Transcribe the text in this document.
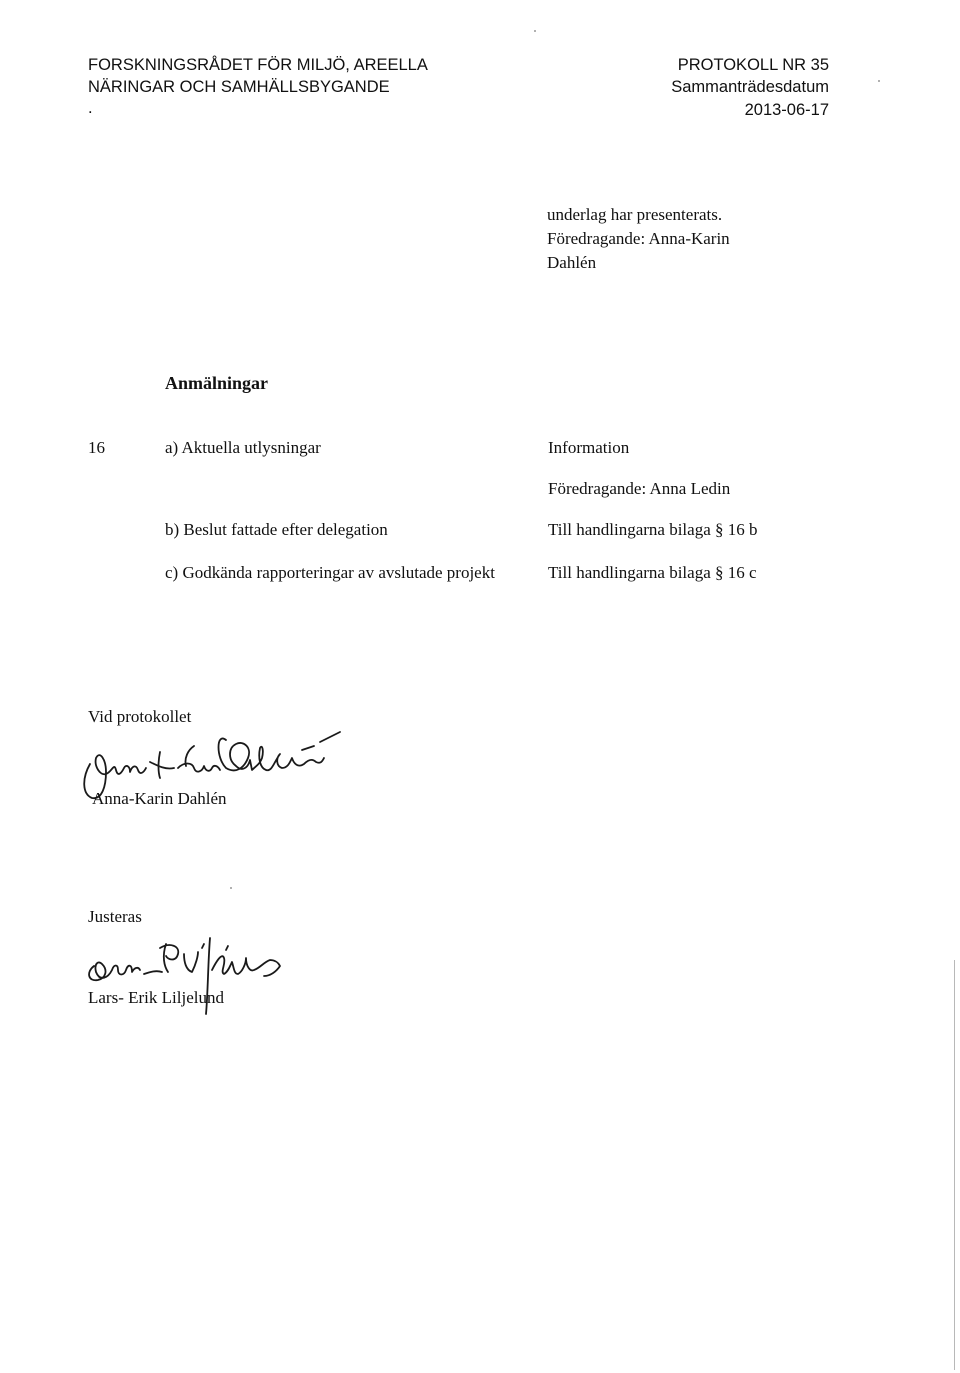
FORSKNINGSRÅDET FÖR MILJÖ, AREELLA
NÄRINGAR OCH SAMHÄLLSBYGANDE
.
PROTOKOLL NR 35
Sammanträdesdatum
2013-06-17
underlag har presenterats.
Föredragande: Anna-Karin
Dahlén
Anmälningar
16	a) Aktuella utlysningar	Information
Föredragande: Anna Ledin
b) Beslut fattade efter delegation	Till handlingarna bilaga § 16 b
c) Godkända rapporteringar av avslutade projekt	Till handlingarna bilaga § 16 c
Vid protokollet
Anna-Karin Dahlén
Justeras
Lars- Erik Liljelund
